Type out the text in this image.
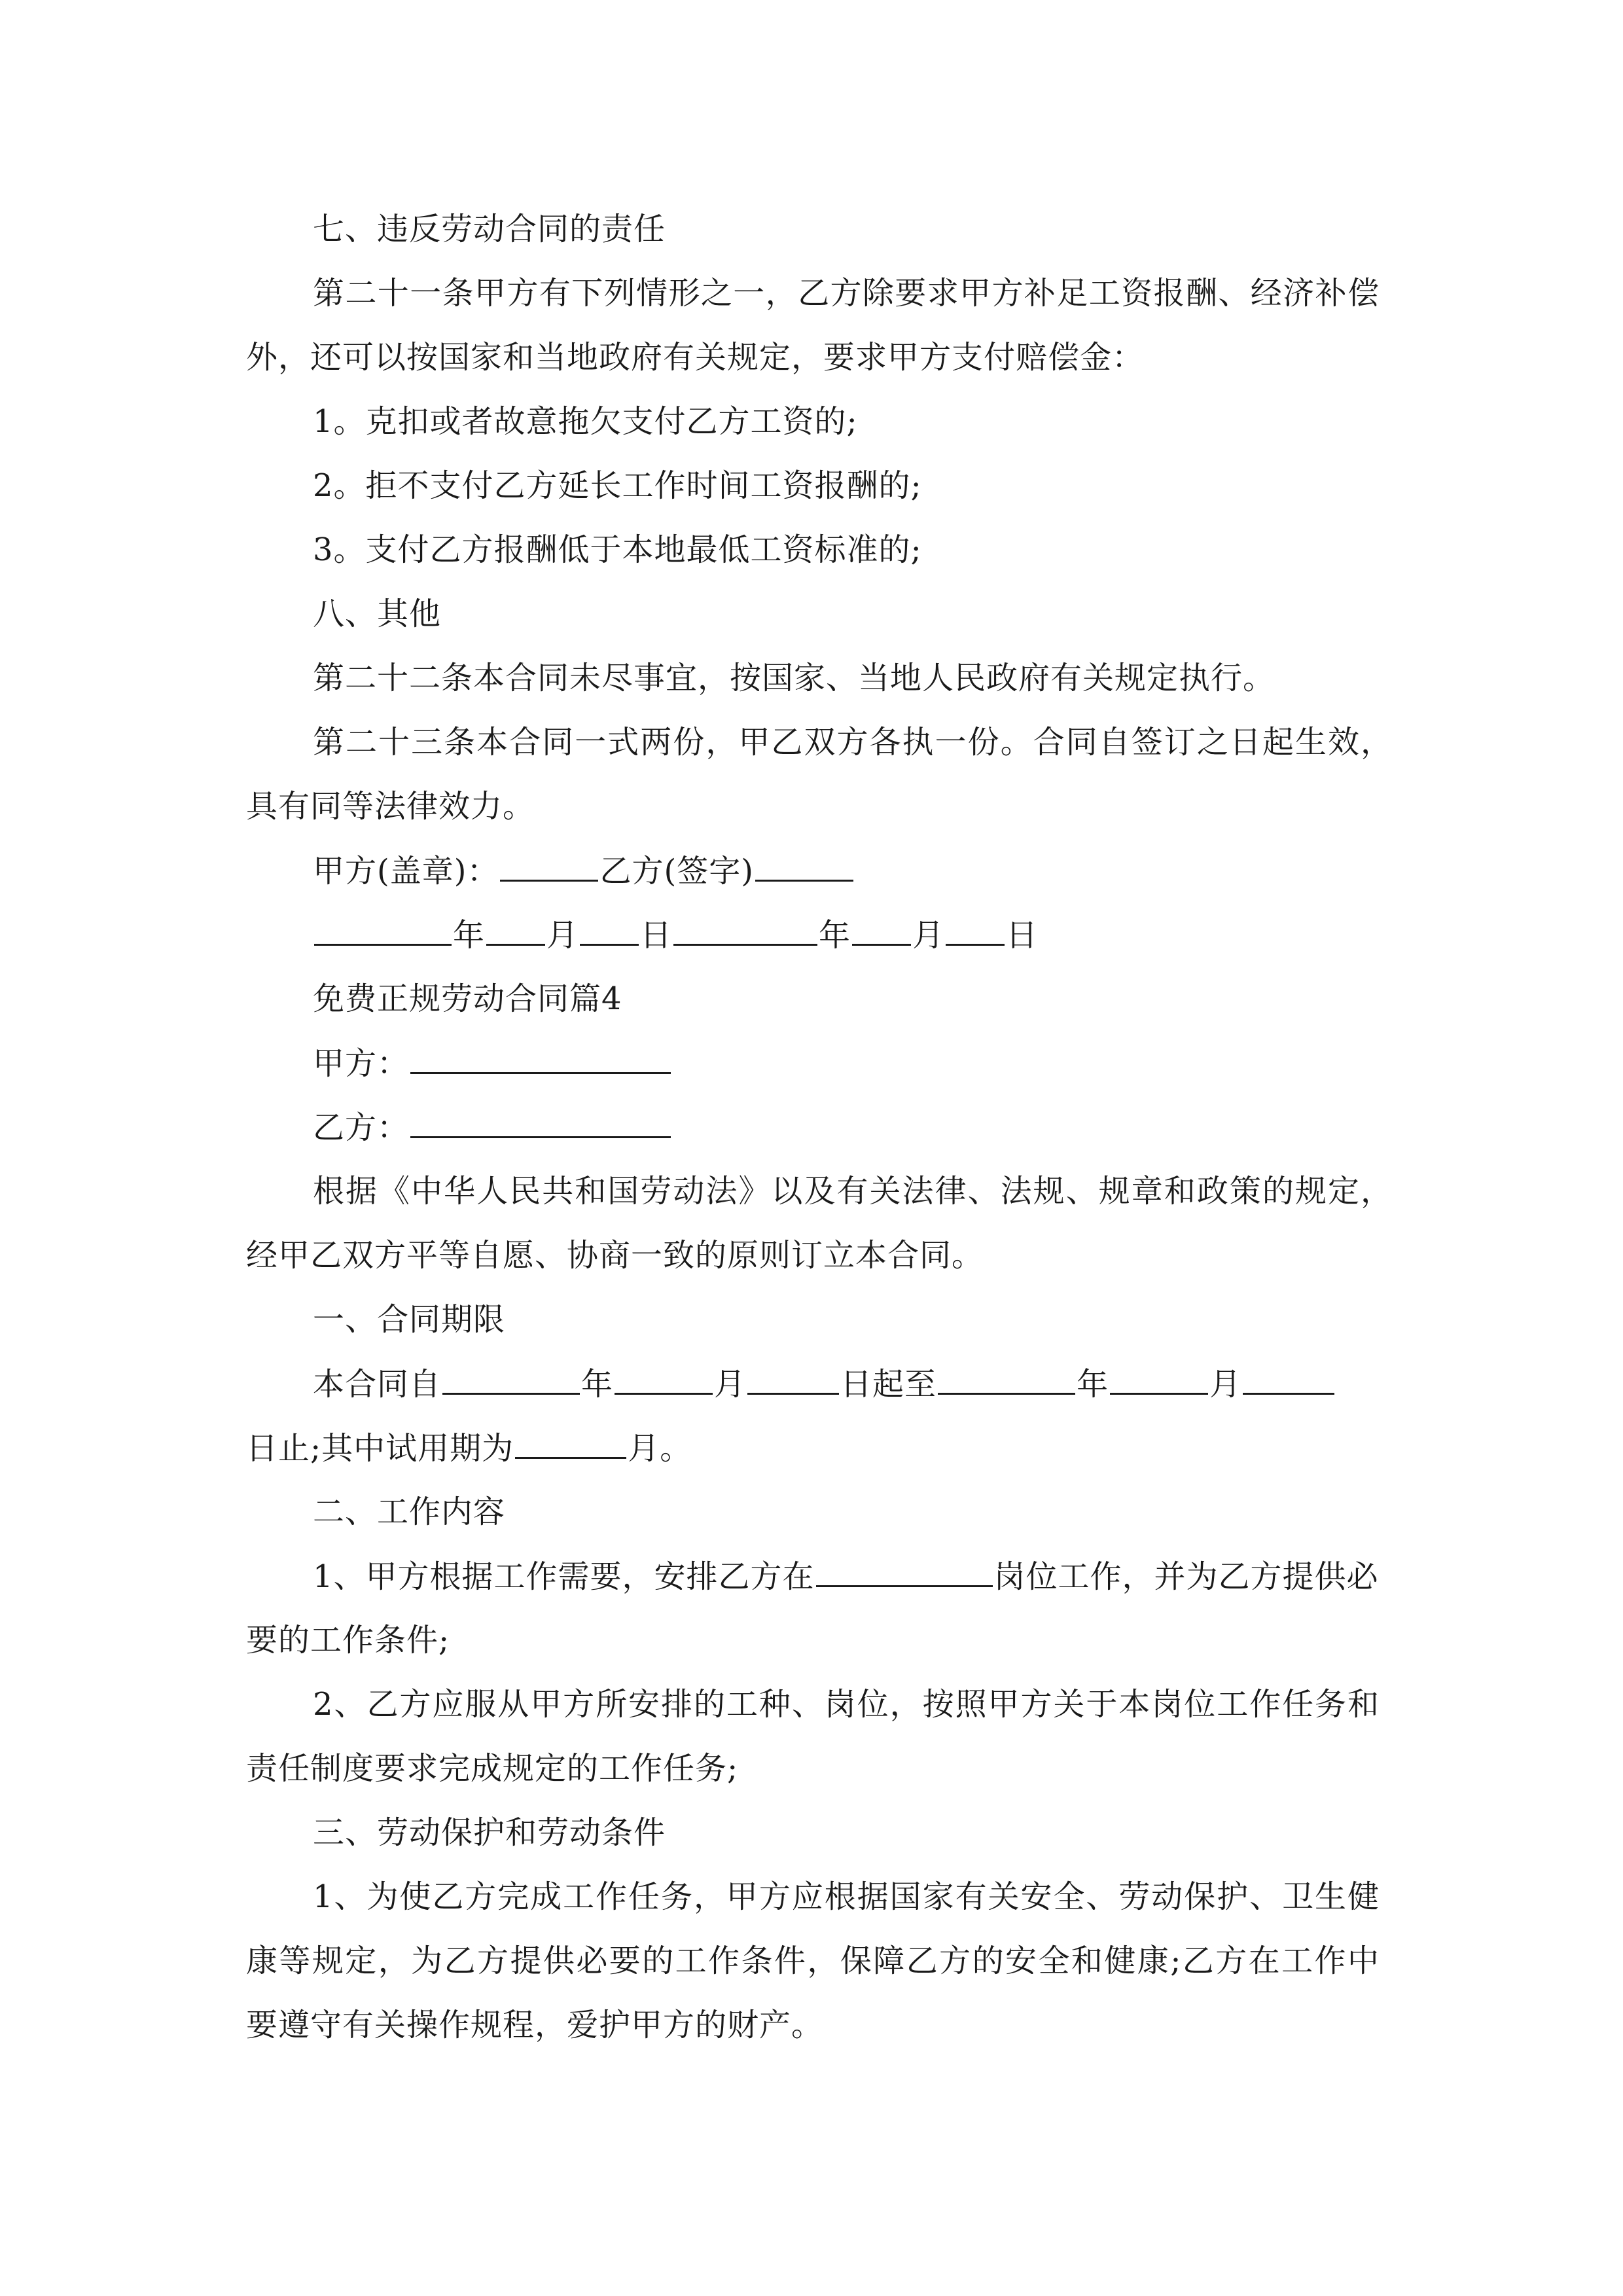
七、违反劳动合同的责任
第二十一条甲方有下列情形之一，乙方除要求甲方补足工资报酬、经济补偿
外，还可以按国家和当地政府有关规定，要求甲方支付赔偿金：
1。克扣或者故意拖欠支付乙方工资的;
2。拒不支付乙方延长工作时间工资报酬的;
3。支付乙方报酬低于本地最低工资标准的;
八、其他
第二十二条本合同未尽事宜，按国家、当地人民政府有关规定执行。
第二十三条本合同一式两份，甲乙双方各执一份。合同自签订之日起生效，
具有同等法律效力。
甲方(盖章)：	乙方(签字)
年 月 日	年 月 日
免费正规劳动合同篇4
甲方：
乙方：
根据《中华人民共和国劳动法》以及有关法律、法规、规章和政策的规定，
经甲乙双方平等自愿、协商一致的原则订立本合同。
一、合同期限
本合同自	年	月	日起至	年	月
日止;其中试用期为	月。
二、工作内容
1、甲方根据工作需要，安排乙方在	岗位工作，并为乙方提供必
要的工作条件;
2、乙方应服从甲方所安排的工种、岗位，按照甲方关于本岗位工作任务和
责任制度要求完成规定的工作任务;
三、劳动保护和劳动条件
1、为使乙方完成工作任务，甲方应根据国家有关安全、劳动保护、卫生健
康等规定，为乙方提供必要的工作条件，保障乙方的安全和健康;乙方在工作中
要遵守有关操作规程，爱护甲方的财产。
